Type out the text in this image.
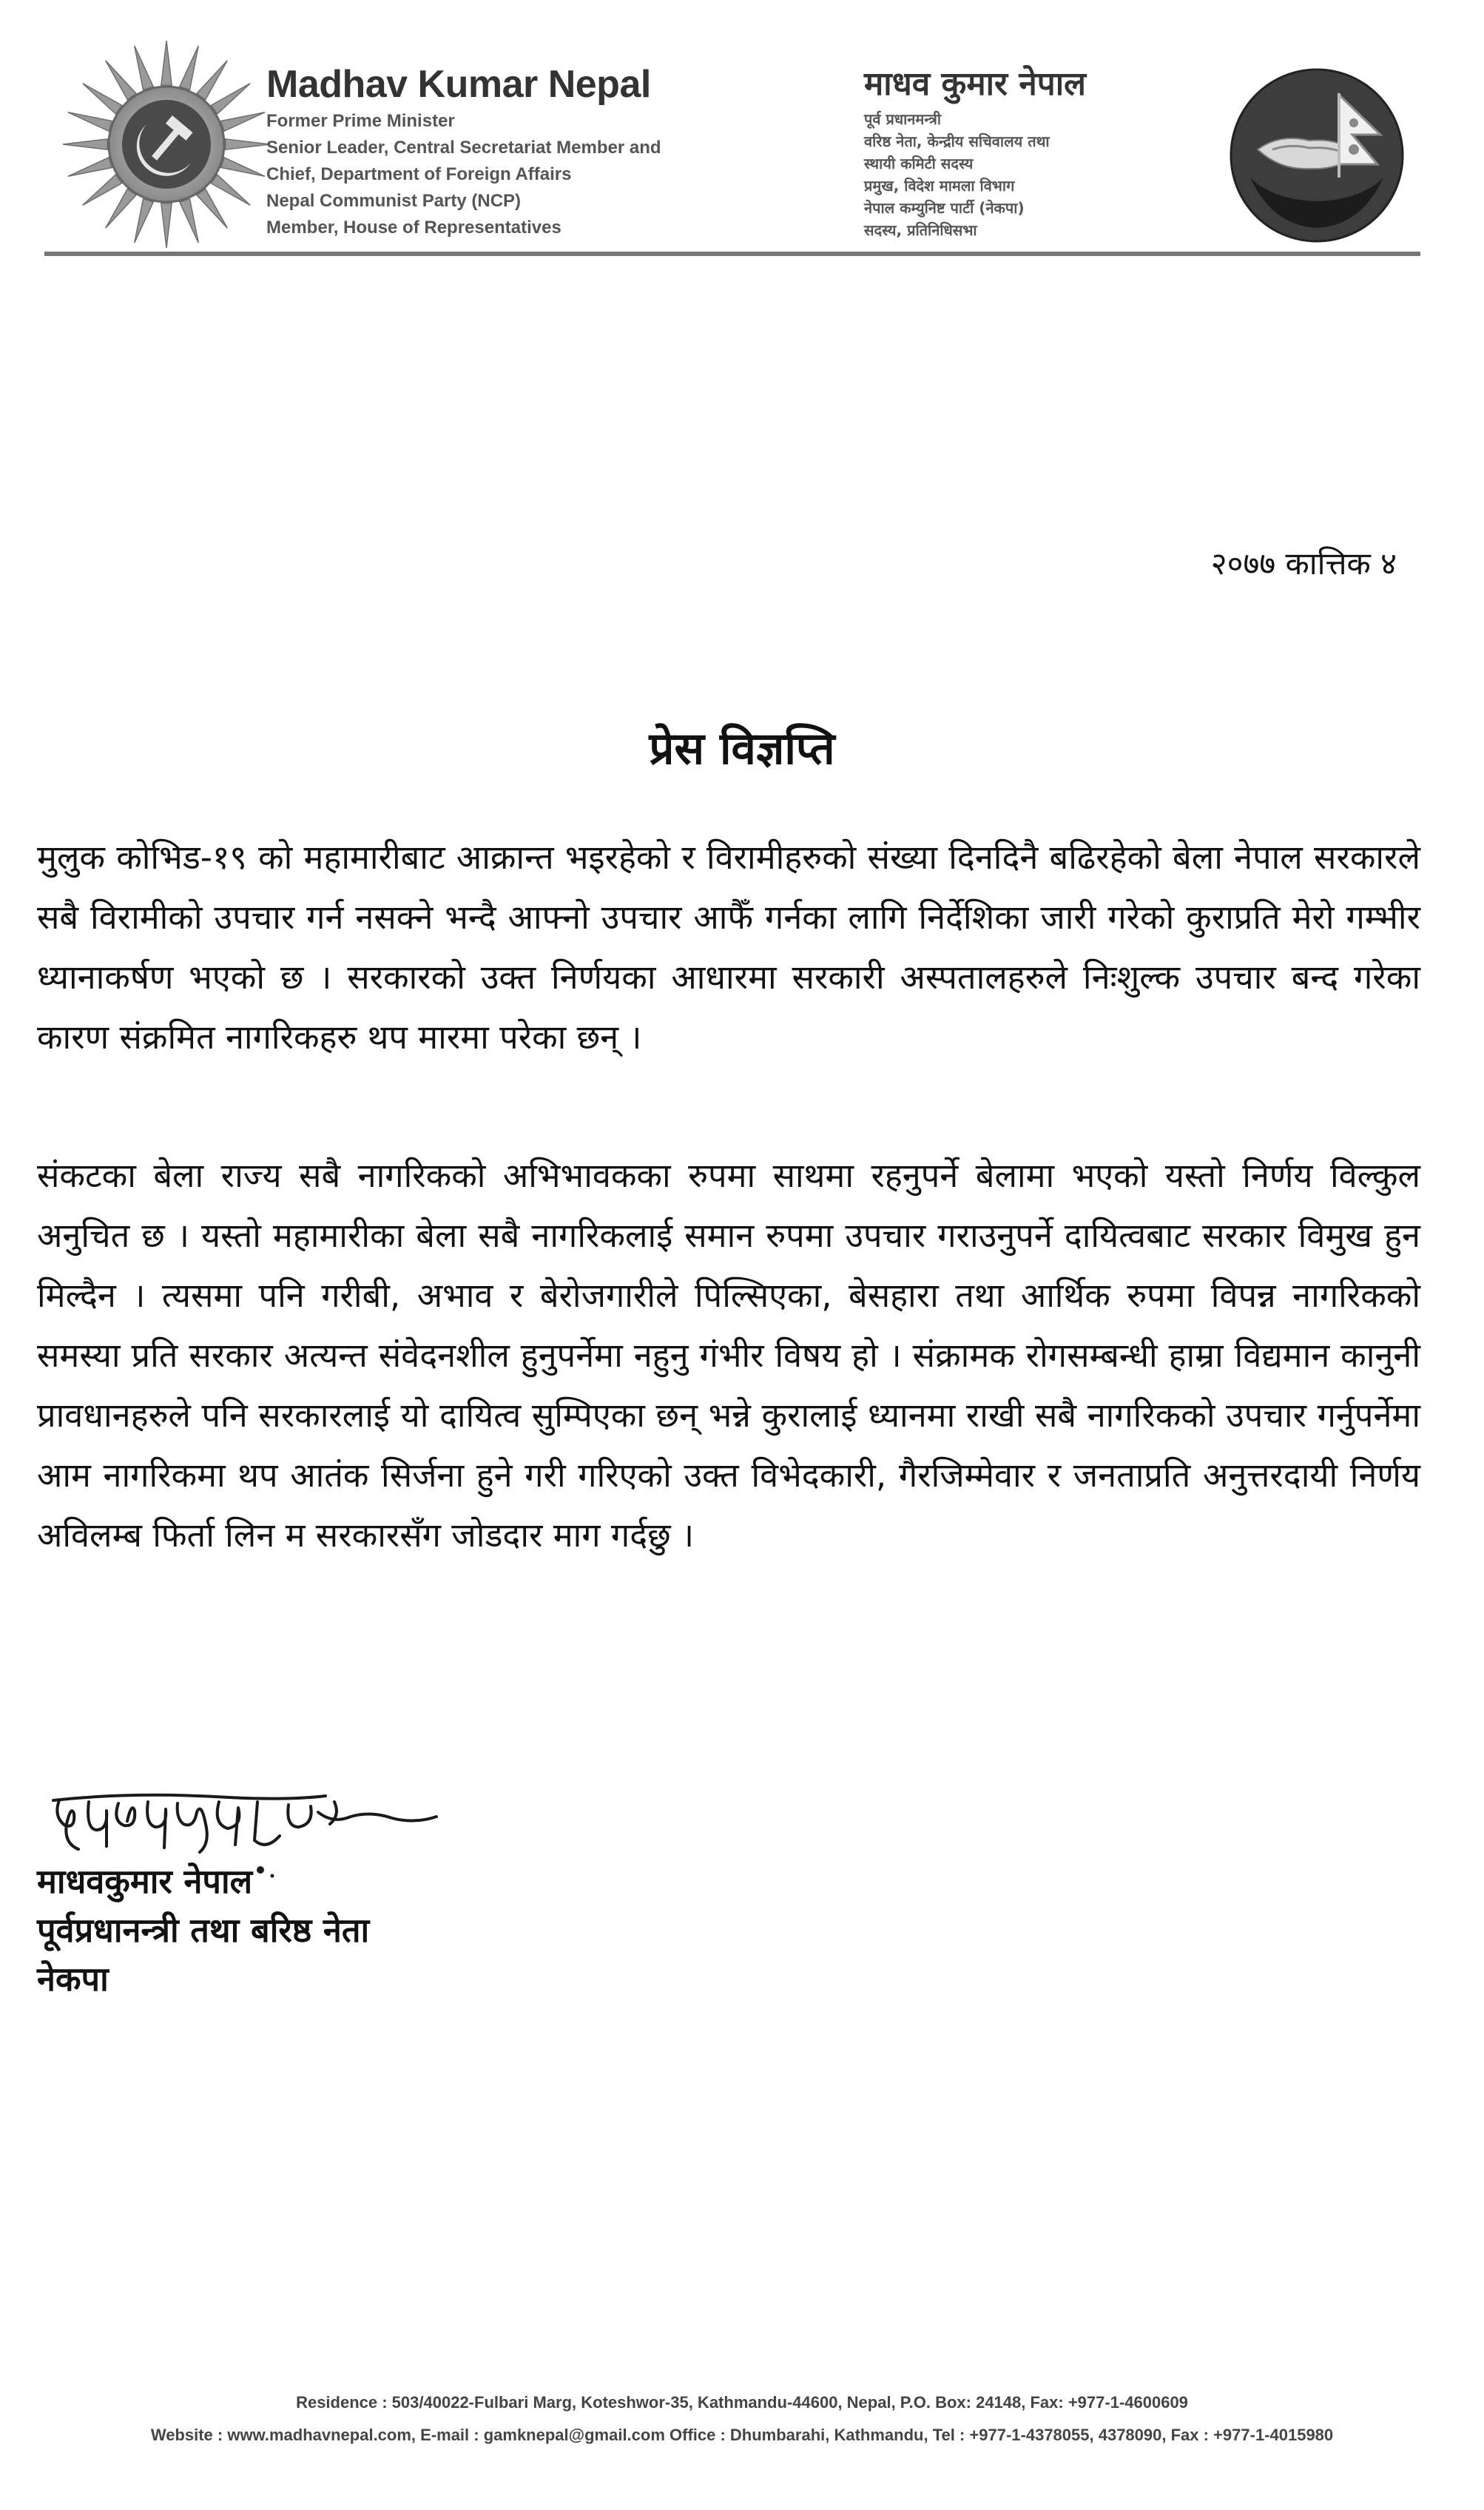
Madhav Kumar Nepal
Former Prime Minister
Senior Leader, Central Secretariat Member and
Chief, Department of Foreign Affairs
Nepal Communist Party (NCP)
Member, House of Representatives
माधव कुमार नेपाल
पूर्व प्रधानमन्त्री
वरिष्ठ नेता, केन्द्रीय सचिवालय तथा
स्थायी कमिटी सदस्य
प्रमुख, विदेश मामला विभाग
नेपाल कम्युनिष्ट पार्टी (नेकपा)
सदस्य, प्रतिनिधिसभा
२०७७ कात्तिक ४
प्रेस विज्ञप्ति
मुलुक कोभिड-१९ को महामारीबाट आक्रान्त भइरहेको र विरामीहरुको संख्या दिनदिनै बढिरहेको बेला नेपाल सरकारले सबै विरामीको उपचार गर्न नसक्ने भन्दै आफ्नो उपचार आफैँ गर्नका लागि निर्देशिका जारी गरेको कुराप्रति मेरो गम्भीर ध्यानाकर्षण भएको छ । सरकारको उक्त निर्णयका आधारमा सरकारी अस्पतालहरुले निःशुल्क उपचार बन्द गरेका कारण संक्रमित नागरिकहरु थप मारमा परेका छन् ।
संकटका बेला राज्य सबै नागरिकको अभिभावकका रुपमा साथमा रहनुपर्ने बेलामा भएको यस्तो निर्णय विल्कुल अनुचित छ । यस्तो महामारीका बेला सबै नागरिकलाई समान रुपमा उपचार गराउनुपर्ने दायित्वबाट सरकार विमुख हुन मिल्दैन । त्यसमा पनि गरीबी, अभाव र बेरोजगारीले पिल्सिएका, बेसहारा तथा आर्थिक रुपमा विपन्न नागरिकको समस्या प्रति सरकार अत्यन्त संवेदनशील हुनुपर्नेमा नहुनु गंभीर विषय हो । संक्रामक रोगसम्बन्धी हाम्रा विद्यमान कानुनी प्रावधानहरुले पनि सरकारलाई यो दायित्व सुम्पिएका छन् भन्ने कुरालाई ध्यानमा राखी सबै नागरिकको उपचार गर्नुपर्नेमा आम नागरिकमा थप आतंक सिर्जना हुने गरी गरिएको उक्त विभेदकारी, गैरजिम्मेवार र जनताप्रति अनुत्तरदायी निर्णय अविलम्ब फिर्ता लिन म सरकारसँग जोडदार माग गर्दछु ।
माधवकुमार नेपाल
पूर्वप्रधानन्त्री तथा बरिष्ठ नेता
नेकपा
Residence : 503/40022-Fulbari Marg, Koteshwor-35, Kathmandu-44600, Nepal, P.O. Box: 24148, Fax: +977-1-4600609
Website : www.madhavnepal.com, E-mail : gamknepal@gmail.com Office : Dhumbarahi, Kathmandu, Tel : +977-1-4378055, 4378090, Fax : +977-1-4015980
